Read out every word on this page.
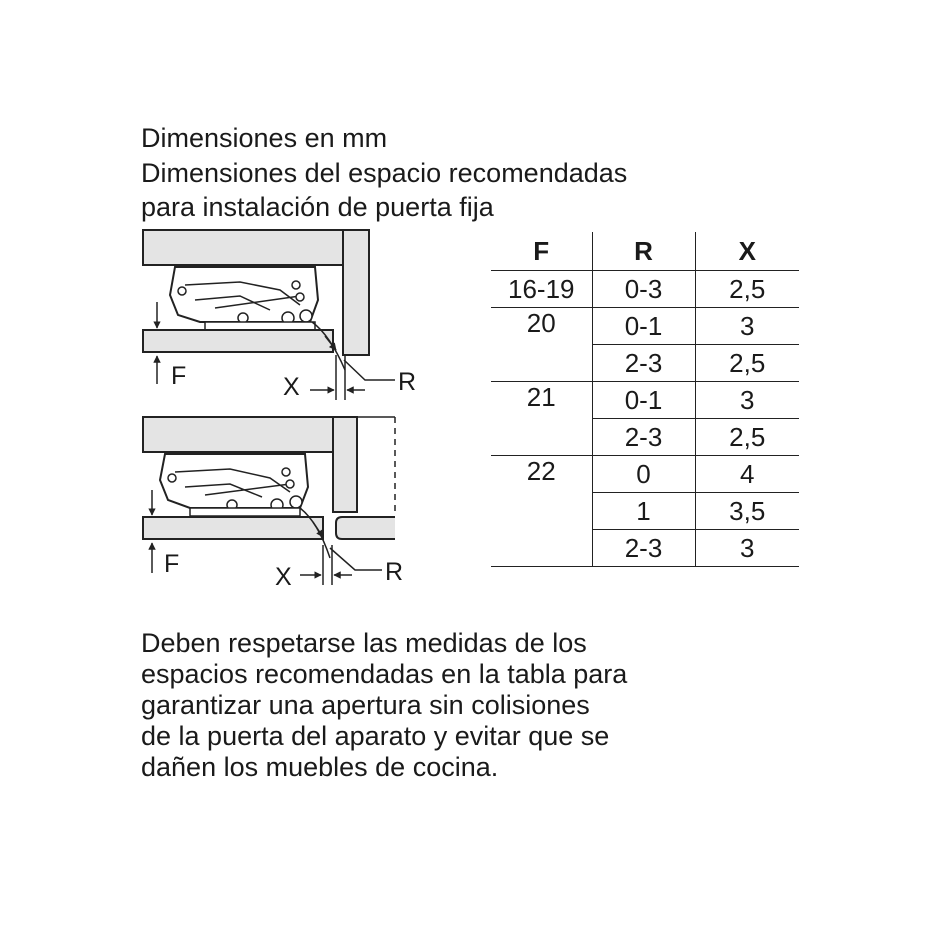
Dimensiones en mm
Dimensiones del espacio recomendadas
para instalación de puerta fija
F	X	R
F	X	R
F	R	X
16-19	0-3	2,5
20	0-1	3
	2-3	2,5
21	0-1	3
	2-3	2,5
22	0	4
	1	3,5
	2-3	3
Deben respetarse las medidas de los
espacios recomendadas en la tabla para
garantizar una apertura sin colisiones
de la puerta del aparato y evitar que se
dañen los muebles de cocina.
